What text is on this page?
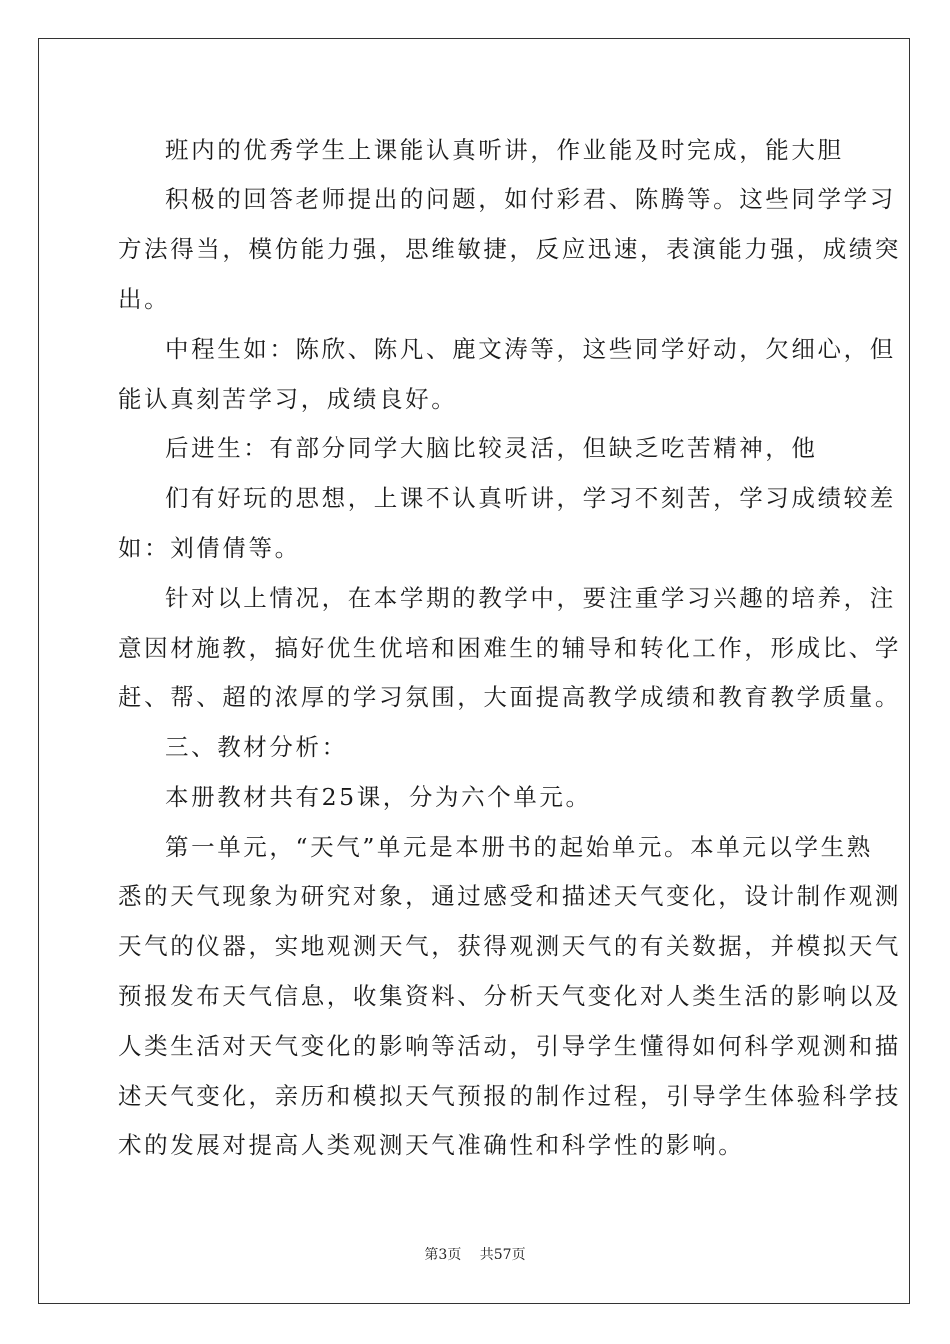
班内的优秀学生上课能认真听讲，作业能及时完成，能大胆
积极的回答老师提出的问题，如付彩君、陈腾等。这些同学学习
方法得当，模仿能力强，思维敏捷，反应迅速，表演能力强，成绩突
出。
中程生如：陈欣、陈凡、鹿文涛等，这些同学好动，欠细心，但
能认真刻苦学习，成绩良好。
后进生：有部分同学大脑比较灵活，但缺乏吃苦精神，他
们有好玩的思想，上课不认真听讲，学习不刻苦，学习成绩较差
如：刘倩倩等。
针对以上情况，在本学期的教学中，要注重学习兴趣的培养，注
意因材施教，搞好优生优培和困难生的辅导和转化工作，形成比、学
赶、帮、超的浓厚的学习氛围，大面提高教学成绩和教育教学质量。
三、教材分析：
本册教材共有25课，分为六个单元。
第一单元，“天气”单元是本册书的起始单元。本单元以学生熟
悉的天气现象为研究对象，通过感受和描述天气变化，设计制作观测
天气的仪器，实地观测天气，获得观测天气的有关数据，并模拟天气
预报发布天气信息，收集资料、分析天气变化对人类生活的影响以及
人类生活对天气变化的影响等活动，引导学生懂得如何科学观测和描
述天气变化，亲历和模拟天气预报的制作过程，引导学生体验科学技
术的发展对提高人类观测天气准确性和科学性的影响。
第3页　 共57页
